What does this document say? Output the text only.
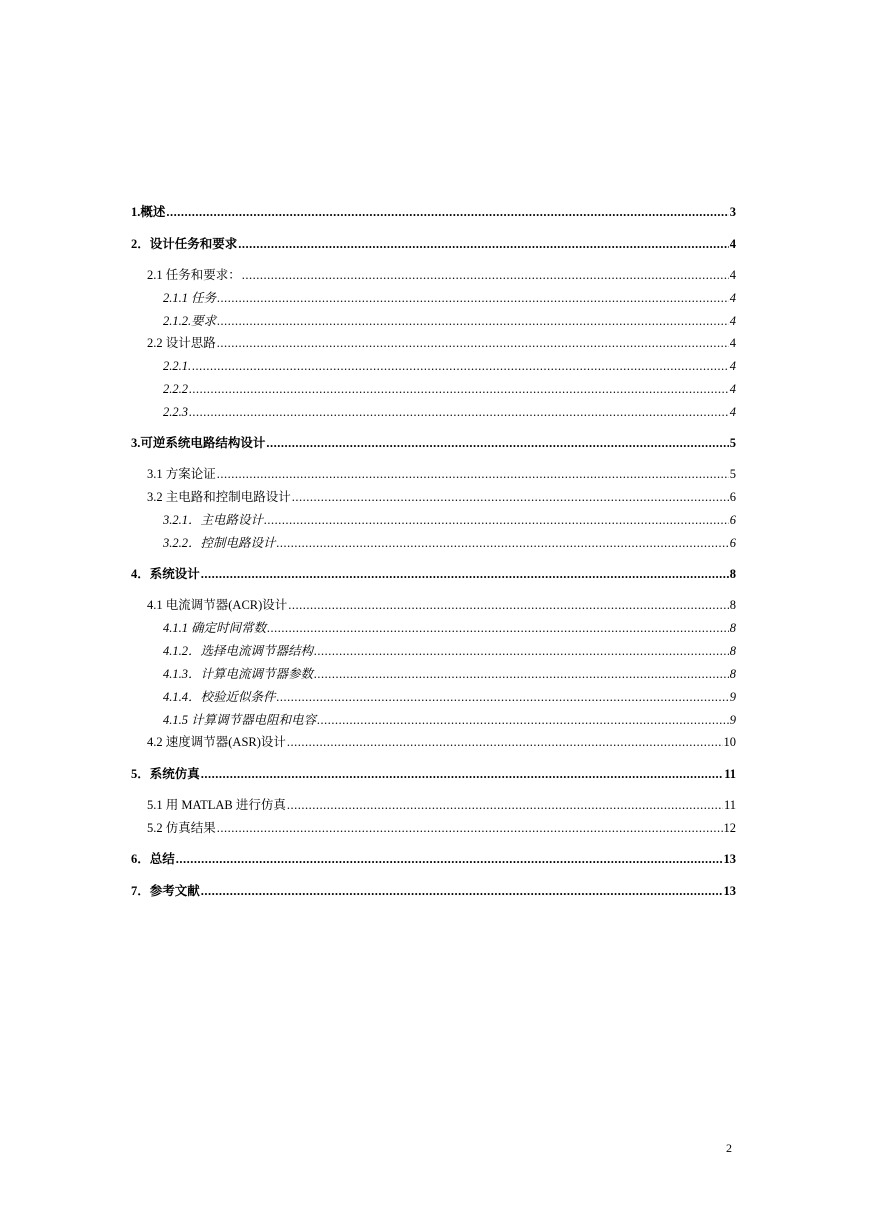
1.概述 .....	3
2．设计任务和要求 .....	4
2.1 任务和要求： .....	4
2.1.1 任务 .....	4
2.1.2.要求 .....	4
2.2 设计思路 .....	4
2.2.1. .....	4
2.2.2 .....	4
2.2.3 .....	4
3.可逆系统电路结构设计 .....	5
3.1 方案论证 .....	5
3.2 主电路和控制电路设计 .....	6
3.2.1．主电路设计 .....	6
3.2.2．控制电路设计 .....	6
4．系统设计 .....	8
4.1 电流调节器(ACR)设计 .....	8
4.1.1 确定时间常数 .....	8
4.1.2．选择电流调节器结构 .....	8
4.1.3．计算电流调节器参数 .....	8
4.1.4．校验近似条件 .....	9
4.1.5 计算调节器电阻和电容 .....	9
4.2 速度调节器(ASR)设计 .....	10
5．系统仿真 .....	11
5.1 用 MATLAB 进行仿真 .....	11
5.2 仿真结果 .....	12
6．总结 .....	13
7．参考文献 .....	13
2
